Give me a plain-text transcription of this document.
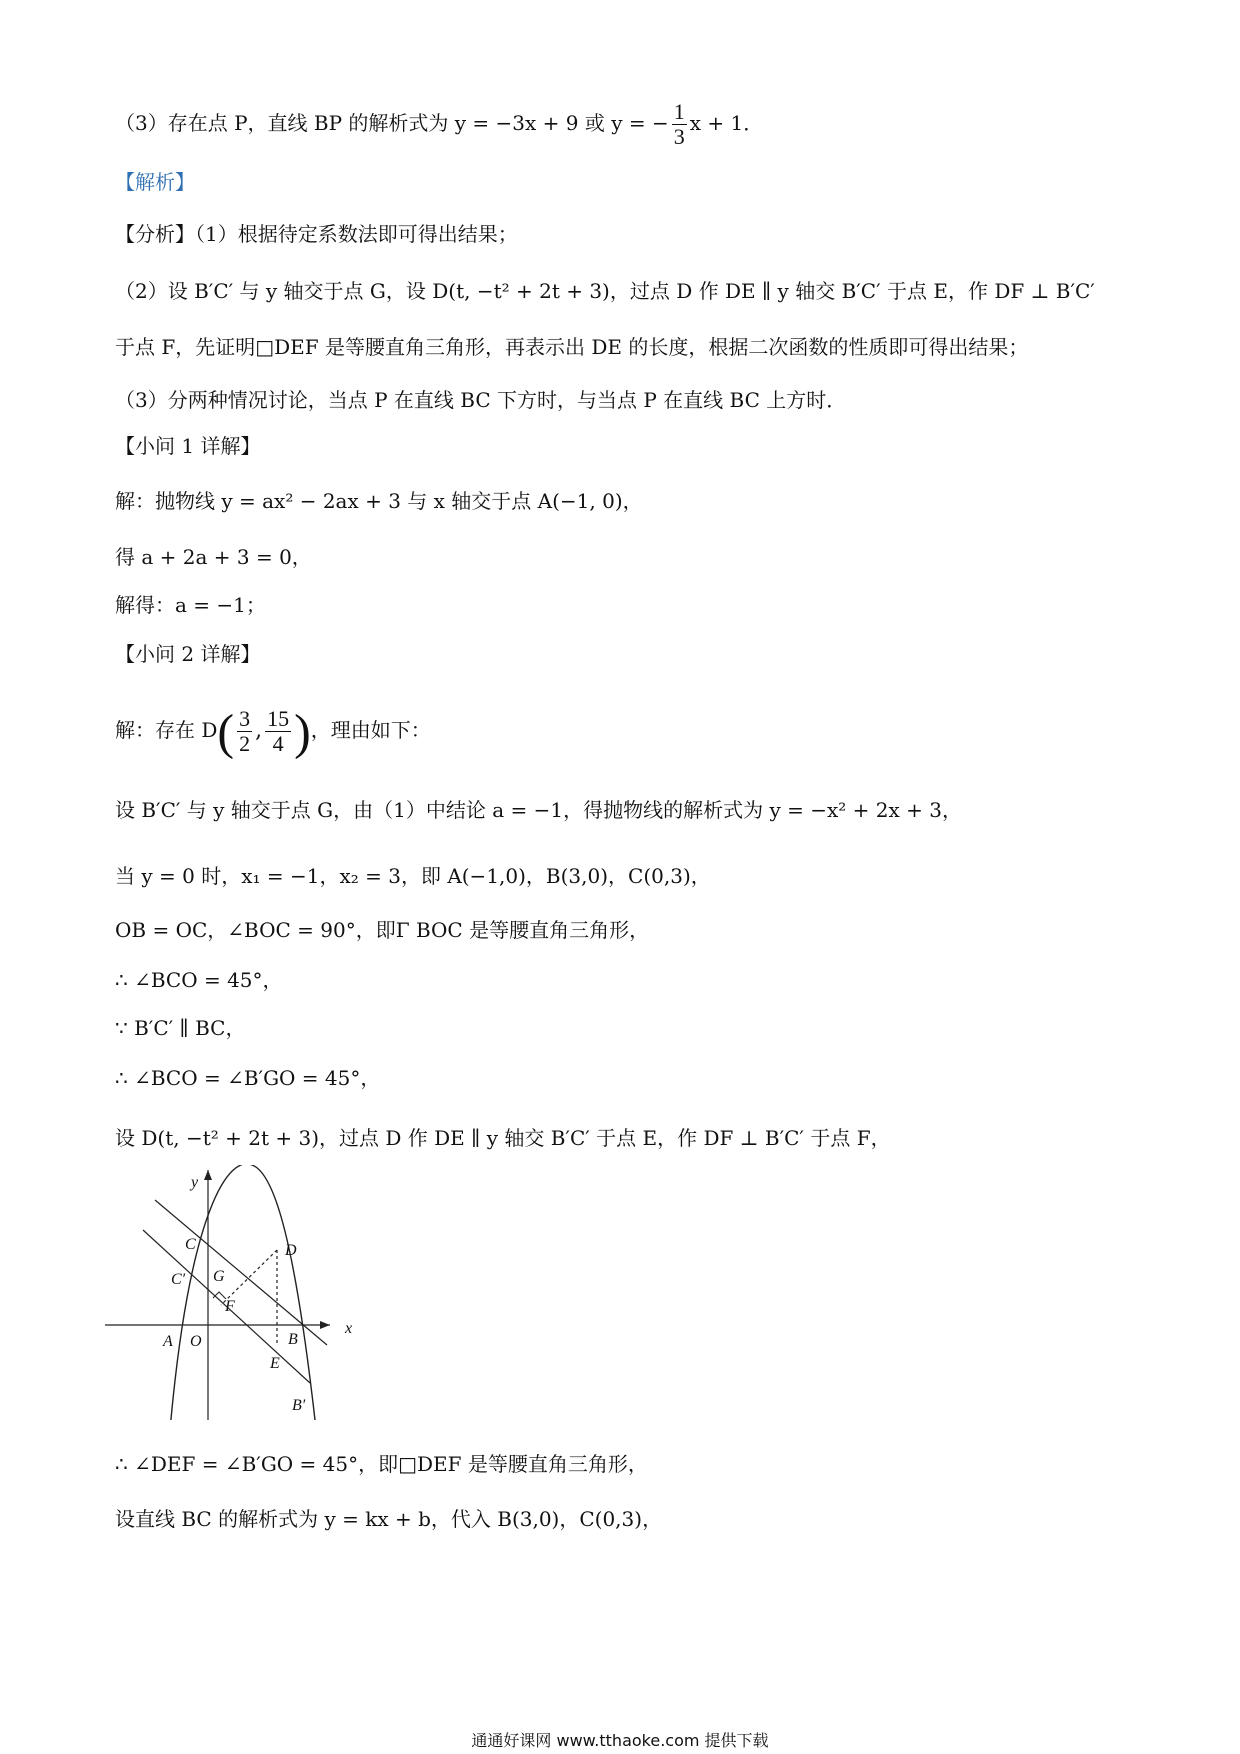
（3）存在点 P，直线 BP 的解析式为 y = −3x + 9 或 y = − $\frac{1}{3}$ x + 1．
【解析】
【分析】（1）根据待定系数法即可得出结果；
（2）设 B′C′ 与 y 轴交于点 G，设 D(t, −t² + 2t + 3)，过点 D 作 DE ∥ y 轴交 B′C′ 于点 E，作 DF ⊥ B′C′
于点 F，先证明□DEF 是等腰直角三角形，再表示出 DE 的长度，根据二次函数的性质即可得出结果；
（3）分两种情况讨论，当点 P 在直线 BC 下方时，与当点 P 在直线 BC 上方时．
【小问 1 详解】
解：抛物线 y = ax² − 2ax + 3 与 x 轴交于点 A(−1, 0)，
得 a + 2a + 3 = 0，
解得：a = −1；
【小问 2 详解】
解：存在 $D( \frac{3}{2}$ , $\frac{15}{4}$ )，理由如下：
设 B′C′ 与 y 轴交于点 G，由（1）中结论 a = −1，得抛物线的解析式为 y = −x² + 2x + 3，
当 y = 0 时，x₁ = −1，x₂ = 3，即 A(−1,0)，B(3,0)，C(0,3)，
OB = OC，∠BOC = 90°，即Γ BOC 是等腰直角三角形，
∴ ∠BCO = 45°，
∵ B′C′ ∥ BC，
∴ ∠BCO = ∠B′GO = 45°，
设 D(t, −t² + 2t + 3)，过点 D 作 DE ∥ y 轴交 B′C′ 于点 E，作 DF ⊥ B′C′ 于点 F，
y
x
C
C′ G
D
F
A O	B
E
B′
∴ ∠DEF = ∠B′GO = 45°，即□DEF 是等腰直角三角形，
设直线 BC 的解析式为 y = kx + b，代入 B(3,0)，C(0,3)，
通通好课网 www.tthaoke.com 提供下载
